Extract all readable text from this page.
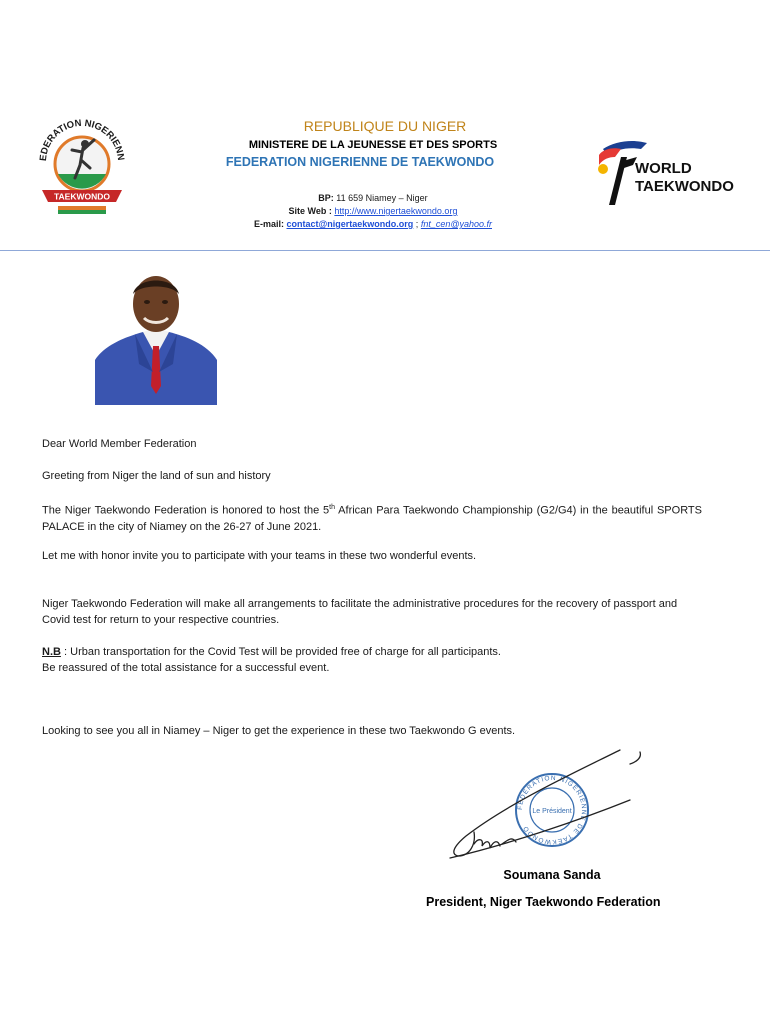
EDERATION NIGERIENN
TAEKWONDO
REPUBLIQUE DU NIGER
MINISTERE DE LA JEUNESSE ET DES SPORTS
FEDERATION NIGERIENNE DE TAEKWONDO
BP: 11 659 Niamey – Niger
Site Web : http://www.nigertaekwondo.org
E-mail: contact@nigertaekwondo.org ; fnt_cen@yahoo.fr
WORLD
TAEKWONDO
Dear World Member Federation
Greeting from Niger the land of sun and history
The Niger Taekwondo Federation is honored to host the 5th African Para Taekwondo Championship (G2/G4) in the beautiful SPORTS PALACE in the city of Niamey on the 26-27 of June 2021.
Let me with honor invite you to participate with your teams in these two wonderful events.
Niger Taekwondo Federation will make all arrangements to facilitate the administrative procedures for the recovery of passport and Covid test for return to your respective countries.
N.B : Urban transportation for the Covid Test will be provided free of charge for all participants.
Be reassured of the total assistance for a successful event.
Looking to see you all in Niamey – Niger to get the experience in these two Taekwondo G events.
FEDERATION NIGERIENNE DE TAEKWONDO
Le Président
Soumana Sanda
President, Niger Taekwondo Federation
